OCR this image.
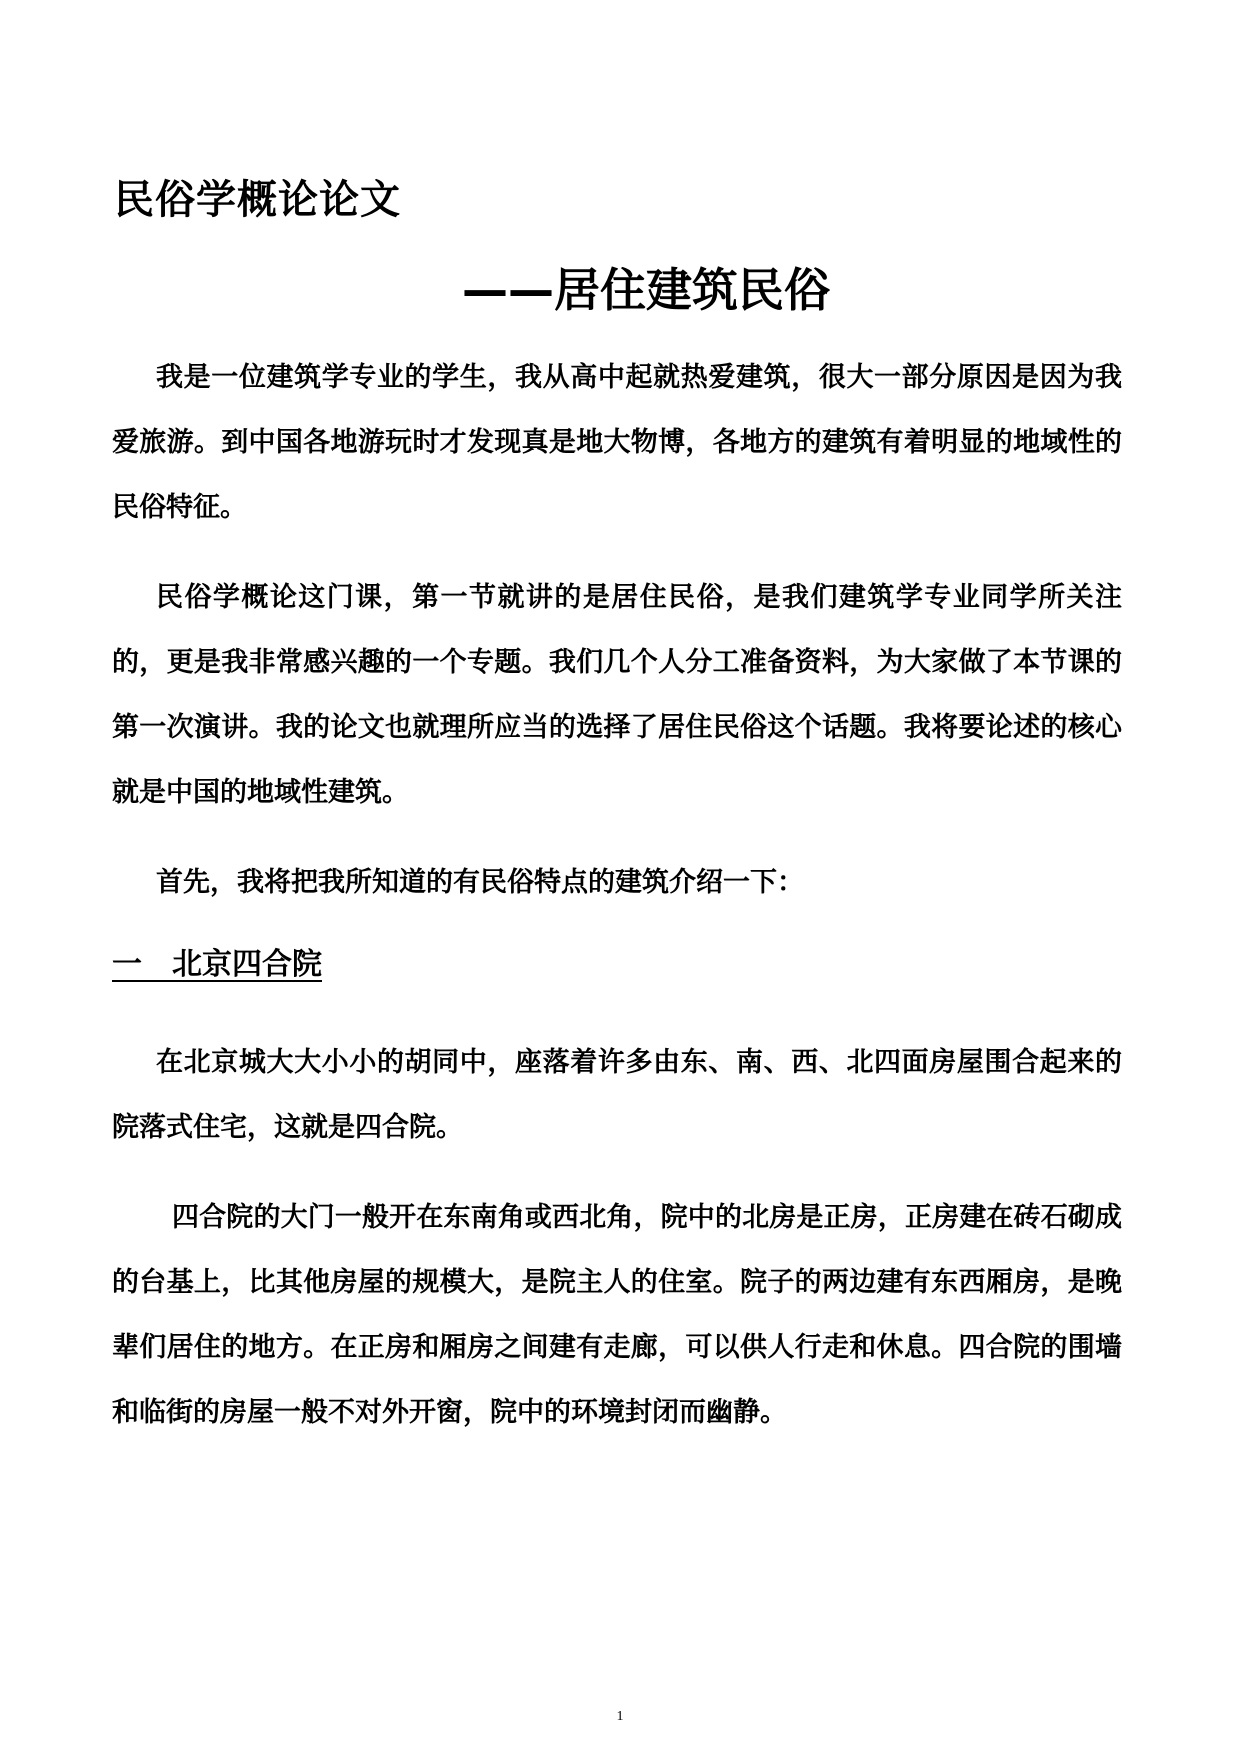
民俗学概论论文
——居住建筑民俗

我是一位建筑学专业的学生，我从高中起就热爱建筑，很大一部分原因是因为我爱旅游。到中国各地游玩时才发现真是地大物博，各地方的建筑有着明显的地域性的民俗特征。

民俗学概论这门课，第一节就讲的是居住民俗，是我们建筑学专业同学所关注的，更是我非常感兴趣的一个专题。我们几个人分工准备资料，为大家做了本节课的第一次演讲。我的论文也就理所应当的选择了居住民俗这个话题。我将要论述的核心就是中国的地域性建筑。

首先，我将把我所知道的有民俗特点的建筑介绍一下：

一　北京四合院

在北京城大大小小的胡同中，座落着许多由东、南、西、北四面房屋围合起来的院落式住宅，这就是四合院。

四合院的大门一般开在东南角或西北角，院中的北房是正房，正房建在砖石砌成的台基上，比其他房屋的规模大，是院主人的住室。院子的两边建有东西厢房，是晚辈们居住的地方。在正房和厢房之间建有走廊，可以供人行走和休息。四合院的围墙和临街的房屋一般不对外开窗，院中的环境封闭而幽静。

1
